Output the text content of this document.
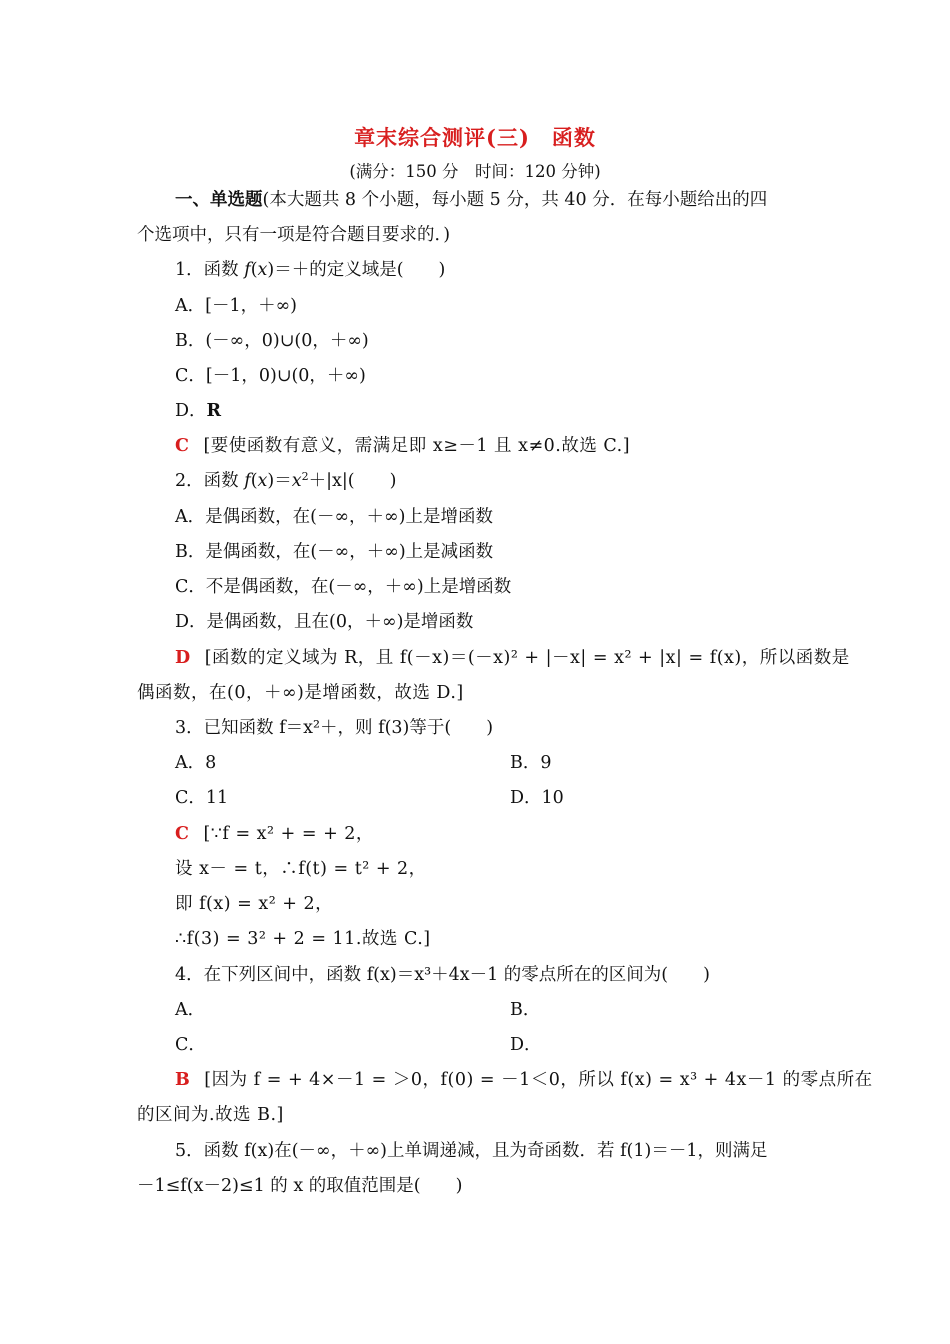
章末综合测评(三)　函数
(满分：150 分　时间：120 分钟)
一、单选题(本大题共 8 个小题，每小题 5 分，共 40 分．在每小题给出的四
个选项中，只有一项是符合题目要求的．)
1．函数 f(x)＝＋的定义域是(　　)
A．[－1，＋∞)
B．(－∞，0)∪(0，＋∞)
C．[－1，0)∪(0，＋∞)
D．R
C [要使函数有意义，需满足即 x≥－1 且 x≠0.故选 C.]
2．函数 $f(x)=x^2+|x|$(　　)
A．是偶函数，在(－∞，＋∞)上是增函数
B．是偶函数，在(－∞，＋∞)上是减函数
C．不是偶函数，在(－∞，＋∞)上是增函数
D．是偶函数，且在(0，＋∞)是增函数
D [函数的定义域为 R，且 f(－x)＝(－x)² + |－x| = x² + |x| = f(x)，所以函数是
偶函数，在(0，＋∞)是增函数，故选 D.]
3．已知函数 f＝x²＋，则 f(3)等于(　　)
A．8	B．9
C．11	D．10
C [∵f = x² + = + 2，
设 x－ = t，∴f(t) = t² + 2，
即 f(x) = x² + 2，
∴f(3) = 3² + 2 = 11.故选 C.]
4．在下列区间中，函数 f(x)＝x³＋4x－1 的零点所在的区间为(　　)
A．	B．
C．	D．
B [因为 f = + 4×－1 = ＞0，f(0) = －1＜0，所以 f(x) = x³ + 4x－1 的零点所在
的区间为.故选 B.]
5．函数 f(x)在(－∞，＋∞)上单调递减，且为奇函数．若 f(1)＝－1，则满足
－1≤f(x－2)≤1 的 x 的取值范围是(　　)
